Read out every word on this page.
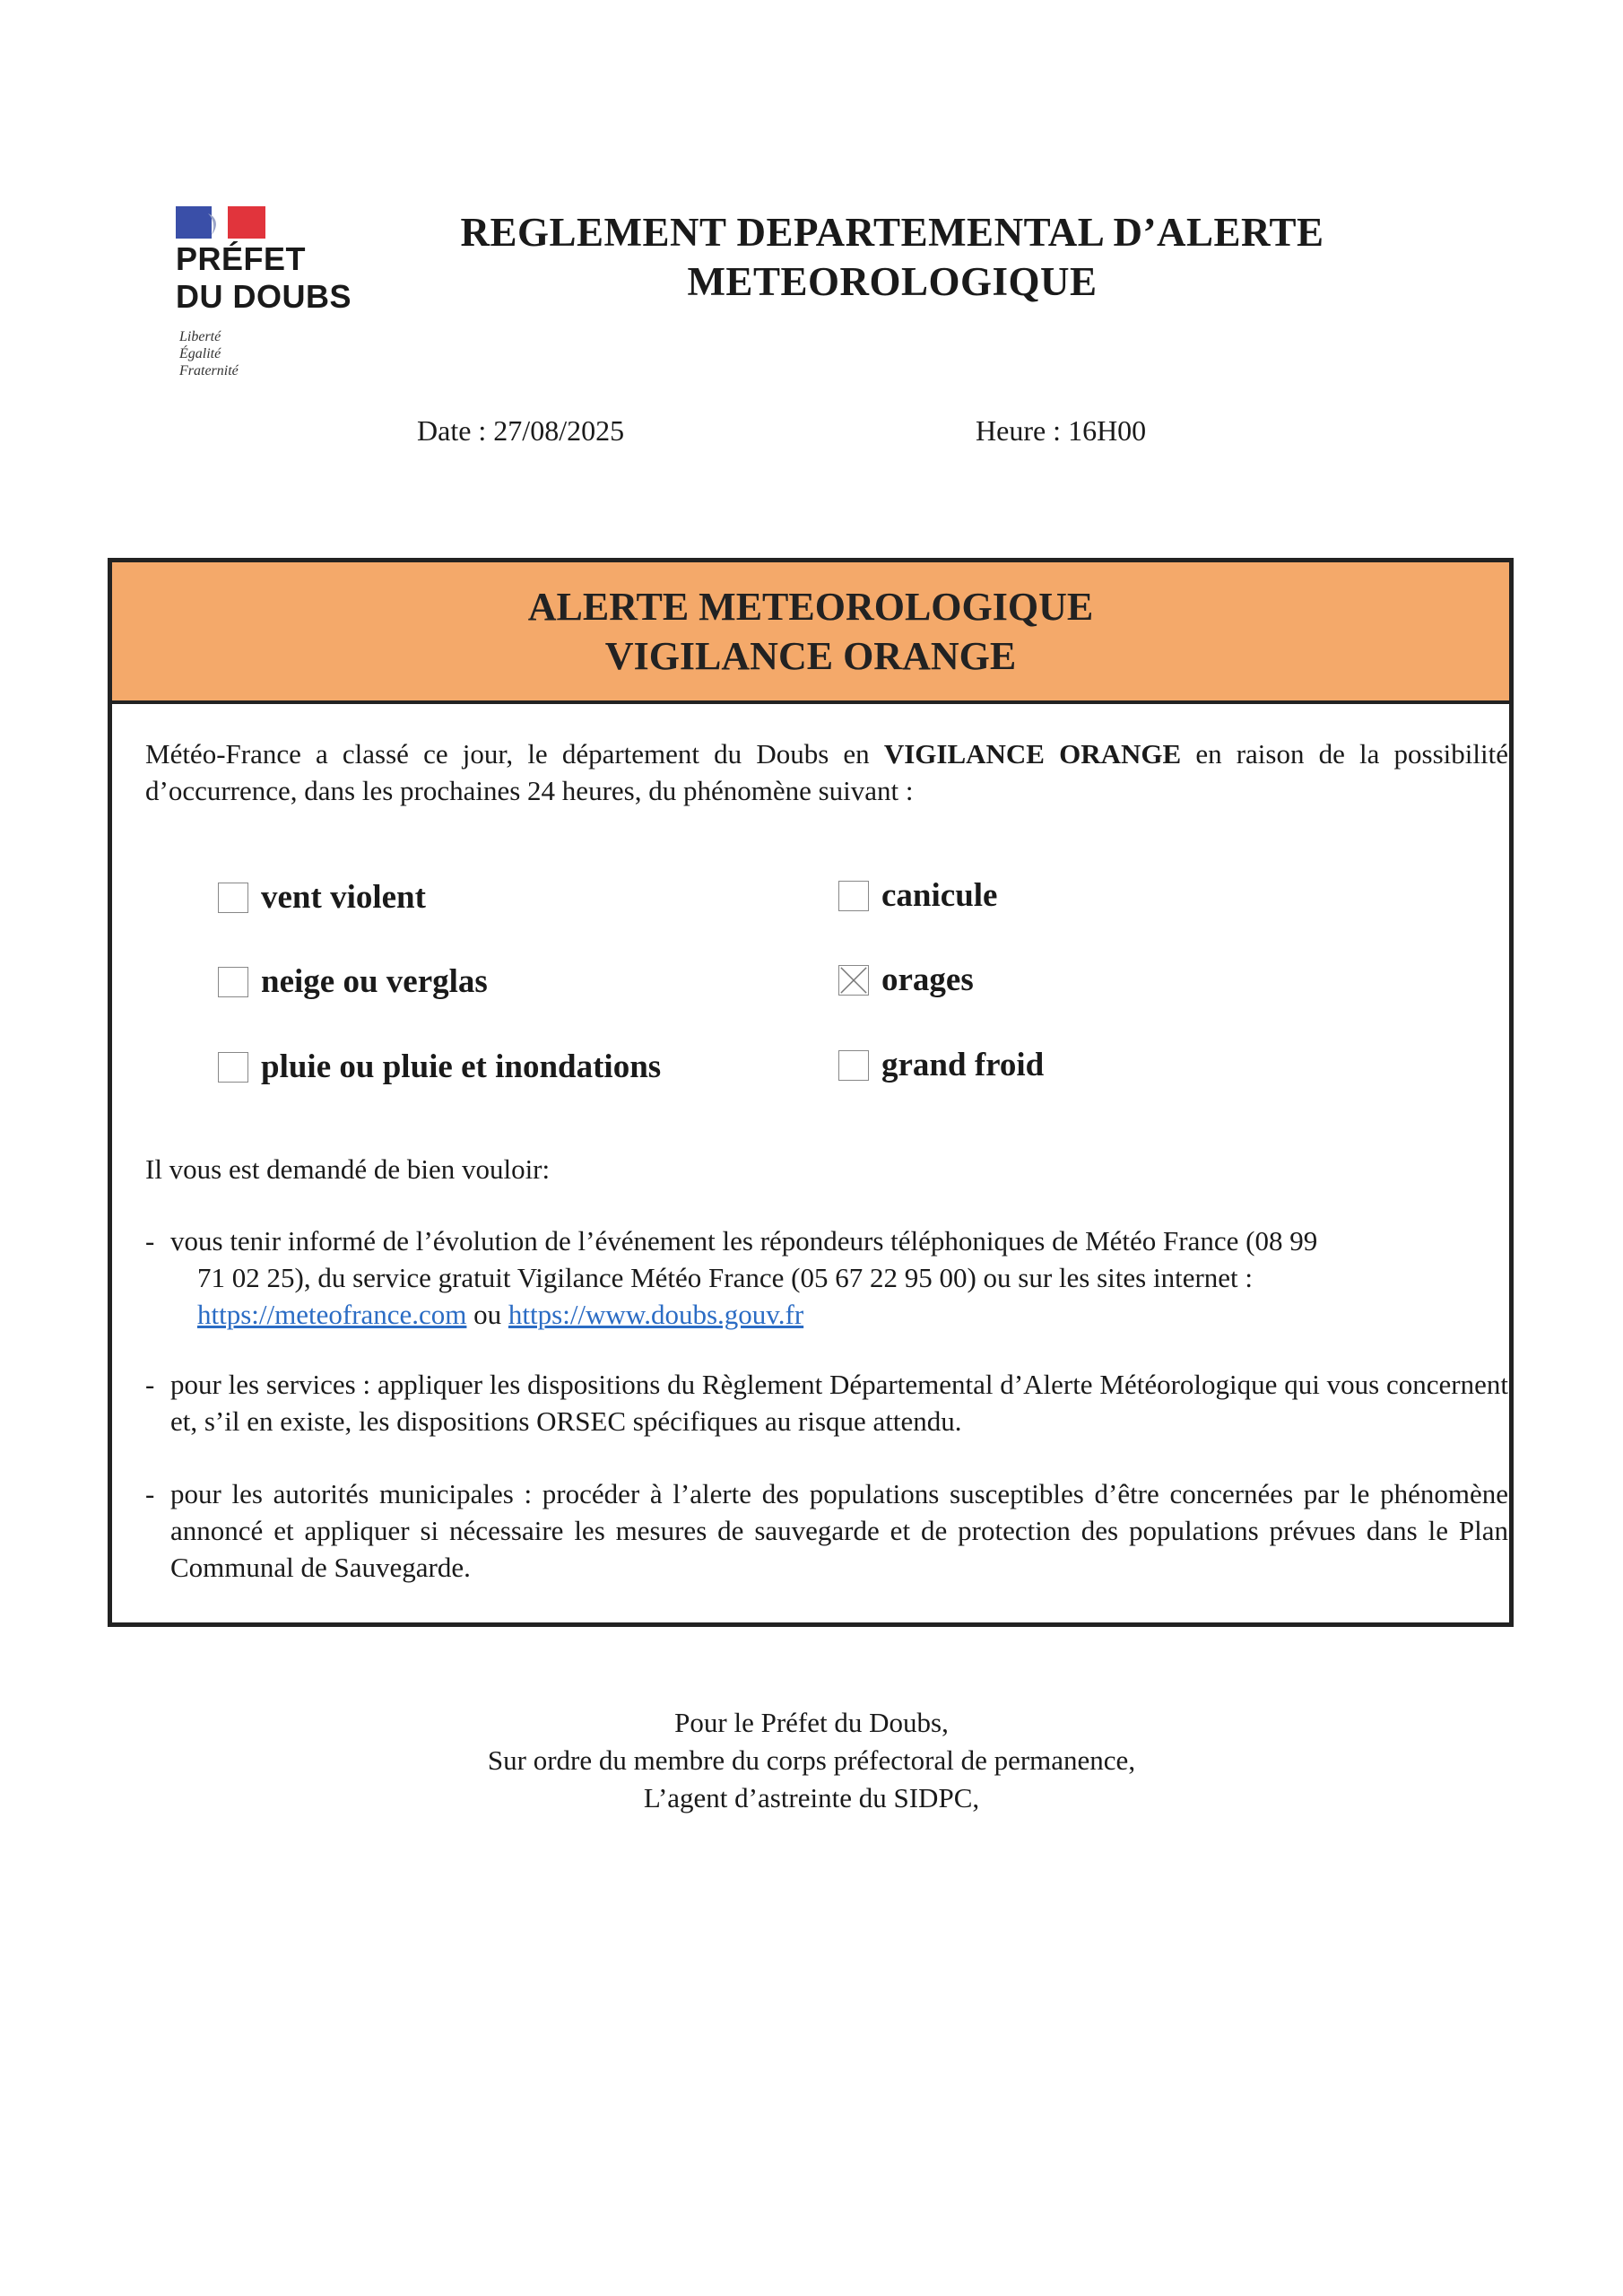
PRÉFET
DU DOUBS
Liberté
Égalité
Fraternité
REGLEMENT DEPARTEMENTAL D’ALERTE
METEOROLOGIQUE
Date : 27/08/2025	Heure : 16H00
ALERTE METEOROLOGIQUE
VIGILANCE ORANGE
Météo-France a classé ce jour, le département du Doubs en VIGILANCE ORANGE en raison de la possibilité d’occurrence, dans les prochaines 24 heures, du phénomène suivant :
vent violent	canicule
neige ou verglas	orages
pluie ou pluie et inondations	grand froid
Il vous est demandé de bien vouloir:
- vous tenir informé de l’évolution de l’événement les répondeurs téléphoniques de Météo France (08 99
71 02 25), du service gratuit Vigilance Météo France (05 67 22 95 00) ou sur les sites internet :
https://meteofrance.com ou https://www.doubs.gouv.fr
- pour les services : appliquer les dispositions du Règlement Départemental d’Alerte Météorologique qui vous concernent et, s’il en existe, les dispositions ORSEC spécifiques au risque attendu.
- pour les autorités municipales : procéder à l’alerte des populations susceptibles d’être concernées par le phénomène annoncé et appliquer si nécessaire les mesures de sauvegarde et de protection des populations prévues dans le Plan Communal de Sauvegarde.
Pour le Préfet du Doubs,
Sur ordre du membre du corps préfectoral de permanence,
L’agent d’astreinte du SIDPC,
